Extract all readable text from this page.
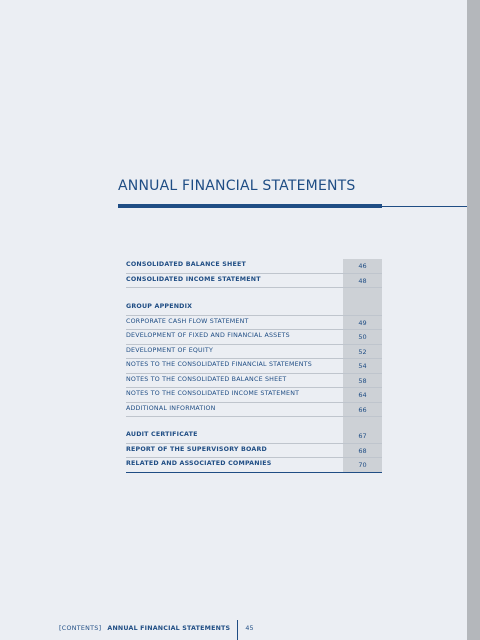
ANNUAL FINANCIAL STATEMENTS
CONSOLIDATED BALANCE SHEET	46
CONSOLIDATED INCOME STATEMENT	48
GROUP APPENDIX
CORPORATE CASH FLOW STATEMENT	49
DEVELOPMENT OF FIXED AND FINANCIAL ASSETS	50
DEVELOPMENT OF EQUITY	52
NOTES TO THE CONSOLIDATED FINANCIAL STATEMENTS	54
NOTES TO THE CONSOLIDATED BALANCE SHEET	58
NOTES TO THE CONSOLIDATED INCOME STATEMENT	64
ADDITIONAL INFORMATION	66
AUDIT CERTIFICATE	67
REPORT OF THE SUPERVISORY BOARD	68
RELATED AND ASSOCIATED COMPANIES	70
[CONTENTS] ANNUAL FINANCIAL STATEMENTS 45
